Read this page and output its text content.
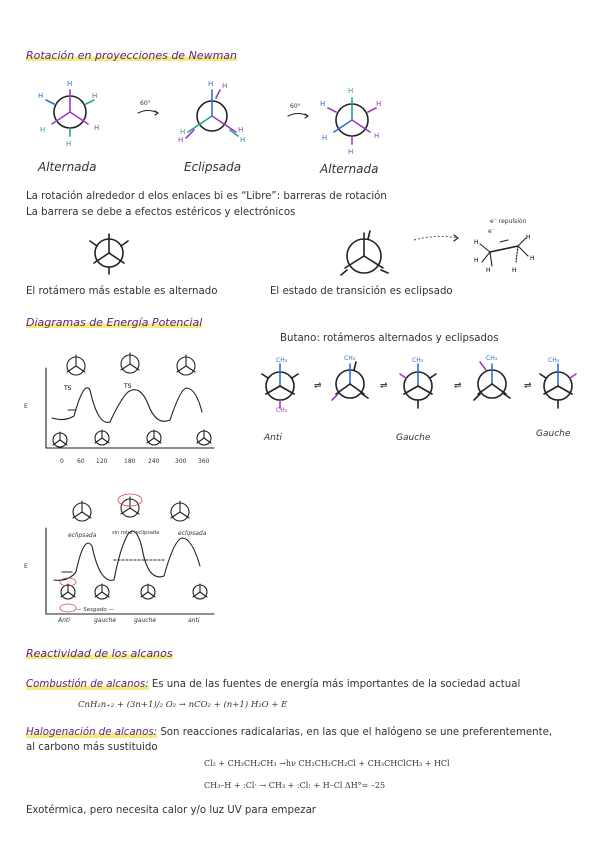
Rotación en proyecciones de Newman
H
H	H
H	H
H
Alternada
60°
H H
H
H	H
H
Eclipsada
60°
H
H	H
H	H
H
Alternada
La rotación alrededor d elos enlaces bi es “Libre”: barreras de rotación
La barrera se debe a efectos estéricos y electrónicos
e⁻ repulsión
e⁻
H
H
H	H
H	H
El rotámero más estable es alternado	El estado de transición es eclipsado
Diagramas de Energía Potencial
Butano: rotámeros alternados y eclipsados
TS	TS
E
0 60 120	180 240	300 360
⇌	⇌	⇌	⇌
CH₃	CH₃	CH₃	CH₃	CH₃
CH₃
Anti	Gauche	Gauche
E
eclipsada	sin rotul. eclipsada	eclipsada
— Sesgado —
Anti	gauche	gauche	anti
Reactividad de los alcanos
Combustión de alcanos: Es una de las fuentes de energía más importantes de la sociedad actual
CnH₂n₊₂ + (3n+1)/₂ O₂ → nCO₂ + (n+1) H₂O + E
Halogenación de alcanos: Son reacciones radicalarias, en las que el halógeno se une preferentemente,
al carbono más sustituido
Cl₂ + CH₃CH₂CH₃ →hν CH₃CH₂CH₂Cl + CH₃CHClCH₃ + HCl
CH₃–H + :Cl· → CH₃ + :Cl: + H–Cl ΔH°= –25
Exotérmica, pero necesita calor y/o luz UV para empezar
